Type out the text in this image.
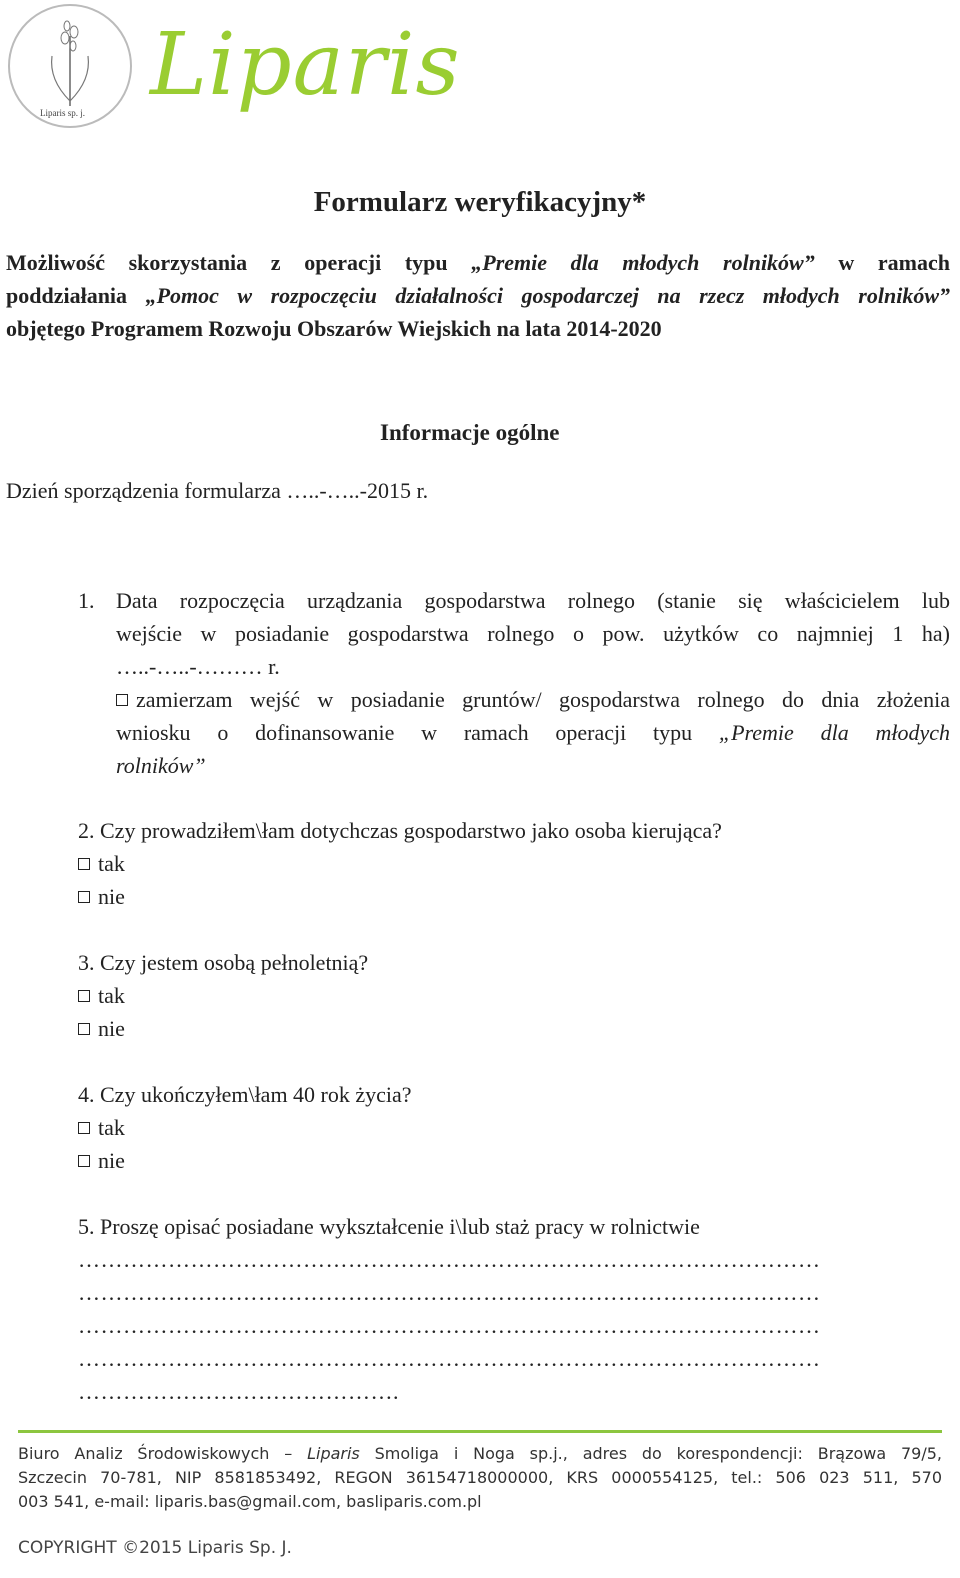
Liparis sp. j. Liparis
Formularz weryfikacyjny*
Możliwość skorzystania z operacji typu „Premie dla młodych rolników” w ramach
poddziałania „Pomoc w rozpoczęciu działalności gospodarczej na rzecz młodych rolników”
objętego Programem Rozwoju Obszarów Wiejskich na lata 2014-2020
Informacje ogólne
Dzień sporządzenia formularza …..-…..-2015 r.
1. Data rozpoczęcia urządzania gospodarstwa rolnego (stanie się właścicielem lub
wejście w posiadanie gospodarstwa rolnego o pow. użytków co najmniej 1 ha)
…..-…..-……… r.
zamierzam wejść w posiadanie gruntów/ gospodarstwa rolnego do dnia złożenia
wniosku o dofinansowanie w ramach operacji typu „Premie dla młodych
rolników”
2. Czy prowadziłem\łam dotychczas gospodarstwo jako osoba kierująca?
tak
nie
3. Czy jestem osobą pełnoletnią?
tak
nie
4. Czy ukończyłem\łam 40 rok życia?
tak
nie
5. Proszę opisać posiadane wykształcenie i\lub staż pracy w rolnictwie
………………………………………………………………………………………
………………………………………………………………………………………
………………………………………………………………………………………
………………………………………………………………………………………
…………………………………….
Biuro Analiz Środowiskowych – Liparis Smoliga i Noga sp.j., adres do korespondencji: Brązowa 79/5,
Szczecin 70-781, NIP 8581853492, REGON 36154718000000, KRS 0000554125, tel.: 506 023 511, 570
003 541, e-mail: liparis.bas@gmail.com, basliparis.com.pl
COPYRIGHT ©2015 Liparis Sp. J.
